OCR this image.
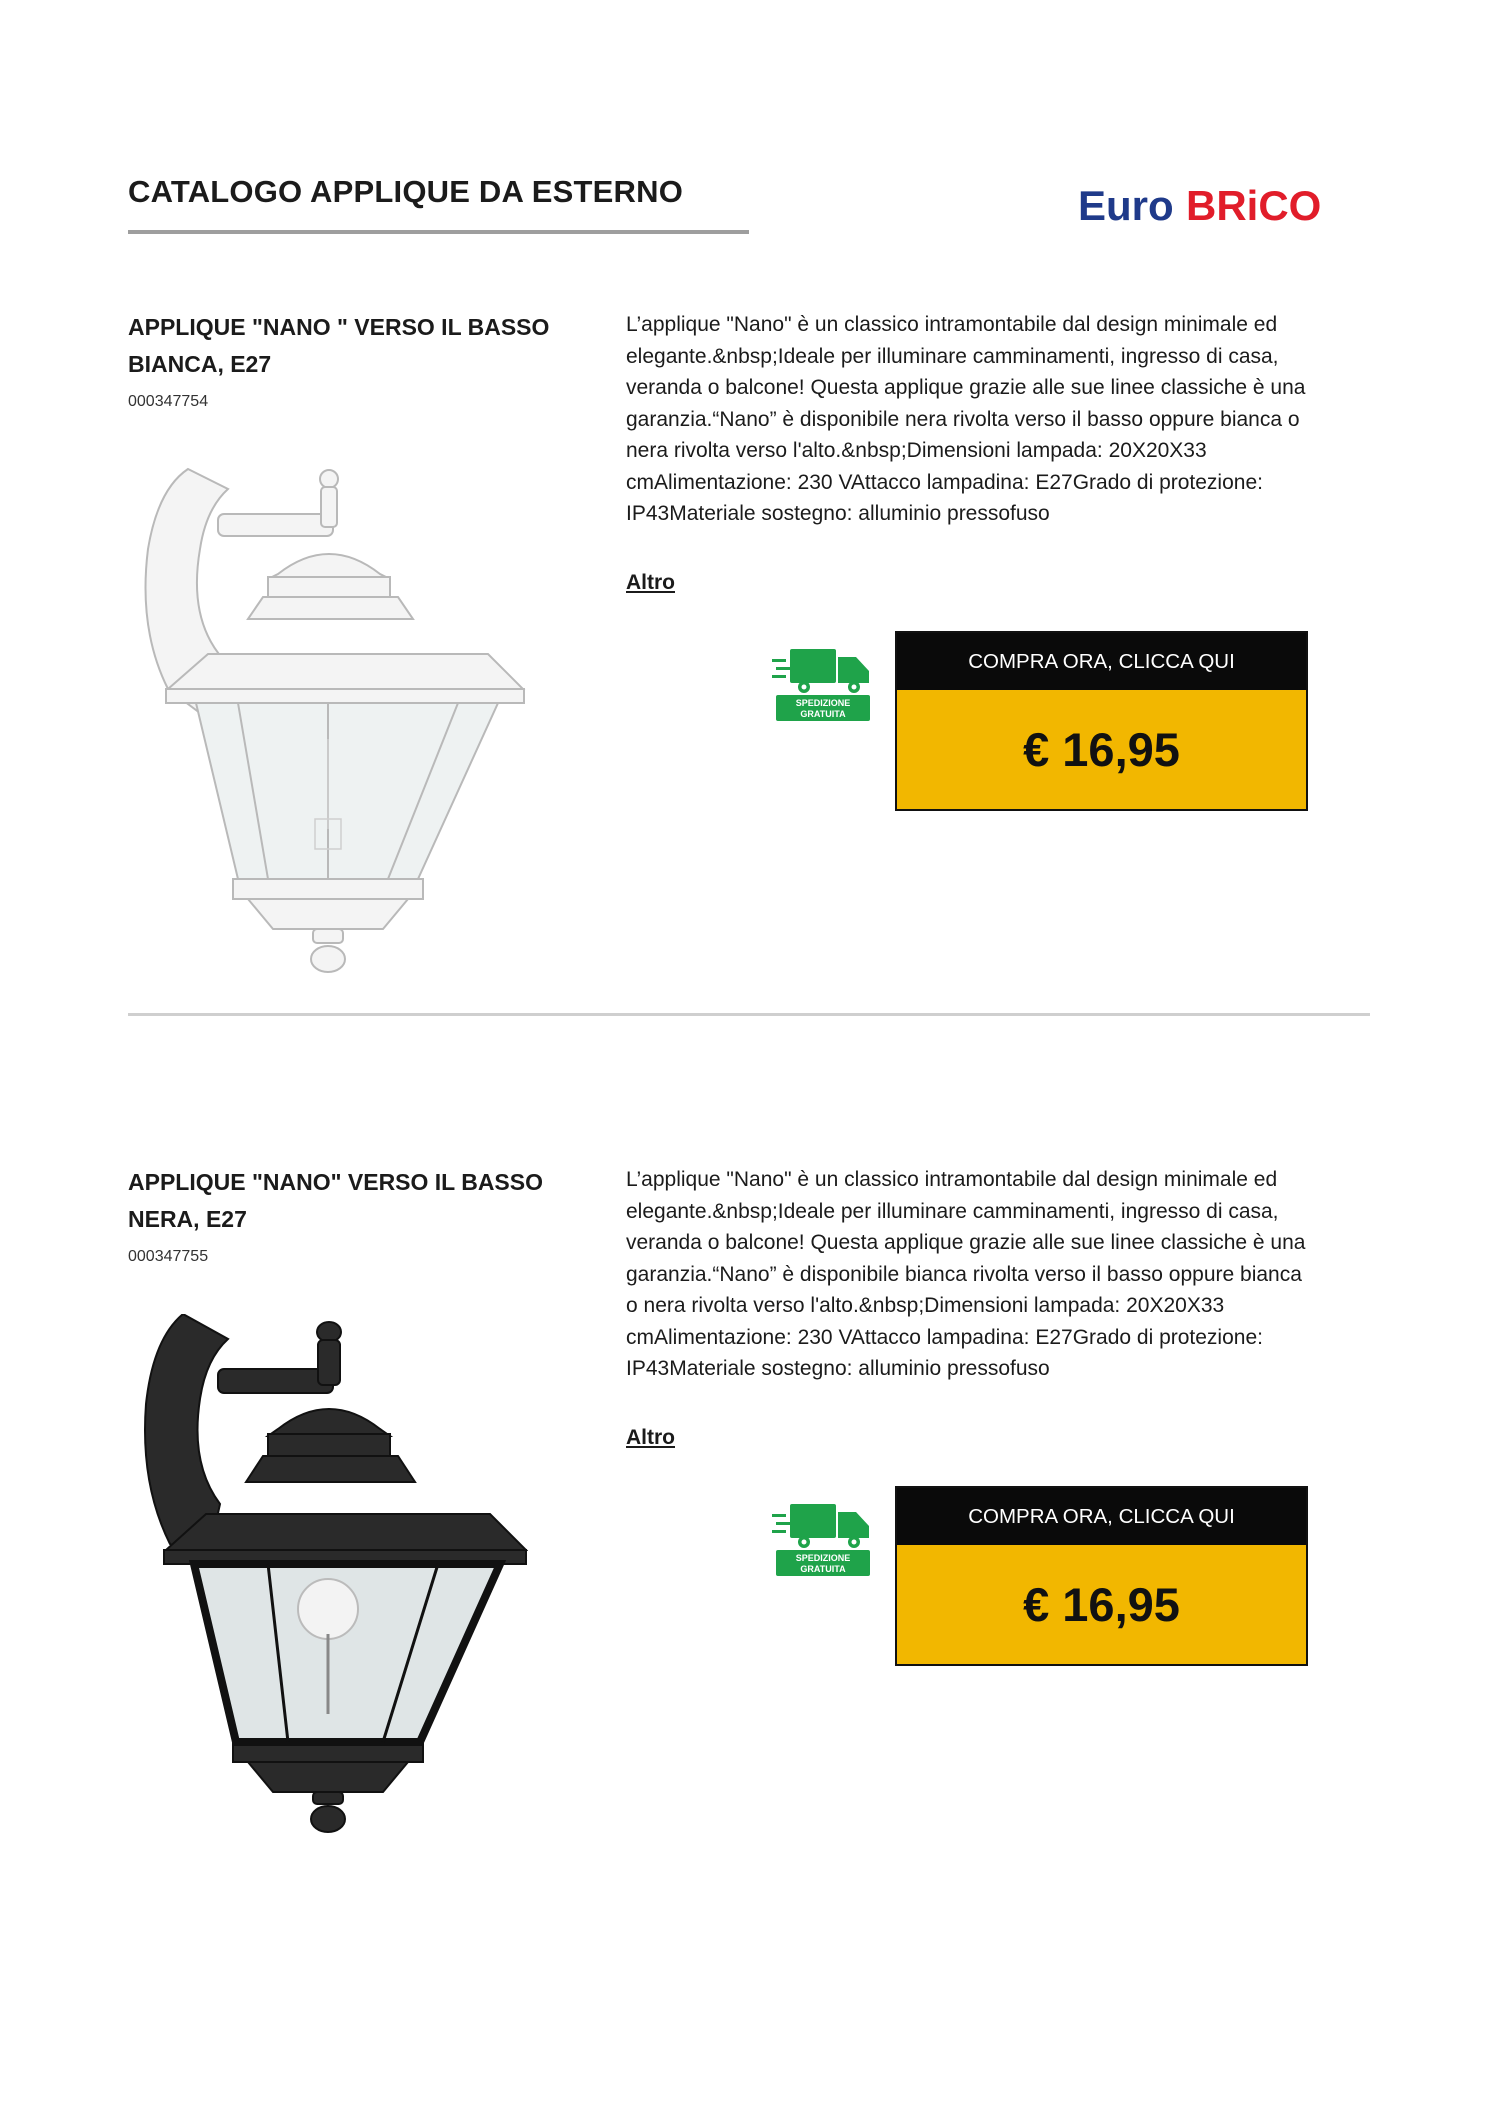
CATALOGO APPLIQUE DA ESTERNO	Euro BRiCO
APPLIQUE "NANO " VERSO IL BASSO BIANCA, E27
000347754

L’applique "Nano" è un classico intramontabile dal design minimale ed elegante.&nbsp;Ideale per illuminare camminamenti, ingresso di casa, veranda o balcone! Questa applique grazie alle sue linee classiche è una garanzia.“Nano” è disponibile nera rivolta verso il basso oppure bianca o nera rivolta verso l'alto.&nbsp;Dimensioni lampada: 20X20X33 cmAlimentazione: 230 VAttacco lampadina: E27Grado di protezione: IP43Materiale sostegno: alluminio pressofuso

Altro
SPEDIZIONE
GRATUITA
COMPRA ORA, CLICCA QUI
€ 16,95
APPLIQUE "NANO" VERSO IL BASSO NERA, E27
000347755

L’applique "Nano" è un classico intramontabile dal design minimale ed elegante.&nbsp;Ideale per illuminare camminamenti, ingresso di casa, veranda o balcone! Questa applique grazie alle sue linee classiche è una garanzia.“Nano” è disponibile bianca rivolta verso il basso oppure bianca o nera rivolta verso l'alto.&nbsp;Dimensioni lampada: 20X20X33 cmAlimentazione: 230 VAttacco lampadina: E27Grado di protezione: IP43Materiale sostegno: alluminio pressofuso

Altro
SPEDIZIONE
GRATUITA
COMPRA ORA, CLICCA QUI
€ 16,95
